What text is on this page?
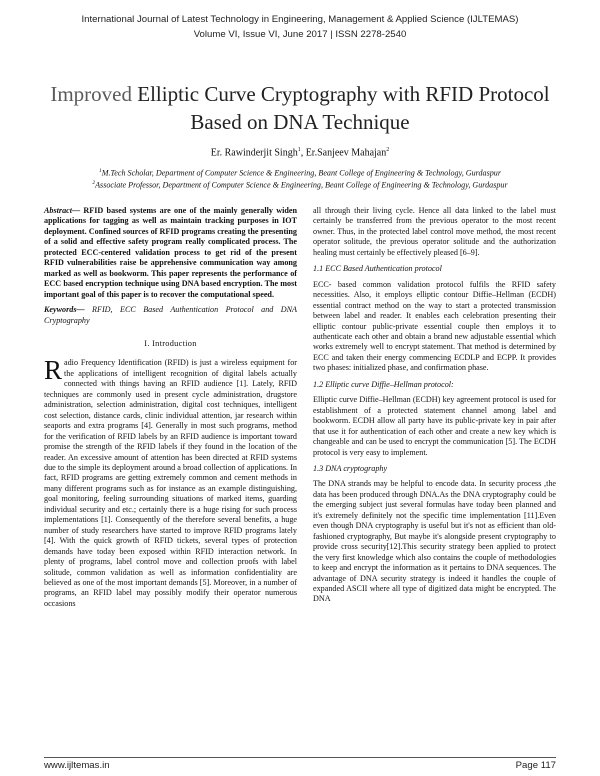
International Journal of Latest Technology in Engineering, Management & Applied Science (IJLTEMAS)
Volume VI, Issue VI, June 2017 | ISSN 2278-2540
Improved Elliptic Curve Cryptography with RFID Protocol Based on DNA Technique
Er. Rawinderjit Singh$^1$, Er.Sanjeev Mahajan$^2$
$^1$M.Tech Scholar, Department of Computer Science & Engineering, Beant College of Engineering & Technology, Gurdaspur
$^2$Associate Professor, Department of Computer Science & Engineering, Beant College of Engineering & Technology, Gurdaspur

Abstract— RFID based systems are one of the mainly generally widen applications for tagging as well as maintain tracking purposes in IOT deployment. Confined sources of RFID programs creating the presenting of a solid and effective safety program really complicated process. The protected ECC-centered validation process to get rid of the present RFID vulnerabilities raise be apprehensive communication way among marked as well as bookworm. This paper represents the performance of ECC based encryption technique using DNA based encryption. The most important goal of this paper is to recover the computational speed.

Keywords— RFID, ECC Based Authentication Protocol and DNA Cryptography

I. Introduction

Radio Frequency Identification (RFID) is just a wireless equipment for the applications of intelligent recognition of digital labels actually connected with things having an RFID audience [1]. Lately, RFID techniques are commonly used in present cycle administration, drugstore administration, selection administration, digital cost techniques, intelligent cost selection, distance cards, clinic individual attention, jar research within seaports and extra programs [4]. Generally in most such programs, method for the verification of RFID labels by an RFID audience is important toward promise the strength of the RFID labels if they found in the location of the reader. An excessive amount of attention has been directed at RFID systems due to the simple its deployment around a broad collection of applications. In fact, RFID programs are getting extremely common and cement methods in many different programs such as for instance as an example distinguishing, goal monitoring, feeling surrounding situations of marked items, guarding individual security and etc.; certainly there is a huge rising for such process implementations [1]. Consequently of the therefore several benefits, a huge number of study researchers have started to improve RFID programs lately [4]. With the quick growth of RFID tickets, several types of protection demands have today been exposed within RFID interaction network. In plenty of programs, label control move and collection proofs with label solitude, common validation as well as information confidentiality are believed as one of the most important demands [5]. Moreover, in a number of programs, an RFID label may possibly modify their operator numerous occasions

all through their living cycle. Hence all data linked to the label must certainly be transferred from the previous operator to the most recent owner. Thus, in the protected label control move method, the most recent operator solitude, the previous operator solitude and the authorization healing must certainly be effectively pleased [6–9].

1.1 ECC Based Authentication protocol

ECC- based common validation protocol fulfils the RFID safety necessities. Also, it employs elliptic contour Diffie–Hellman (ECDH) essential contract method on the way to start a protected transmission between label and reader. It enables each celebration presenting their elliptic contour public-private essential couple then employs it to authenticate each other and obtain a brand new adjustable essential which works extremely well to encrypt statement. That method is determined by ECC and taken their energy commencing ECDLP and ECPP. It provides two phases: initialized phase, and confirmation phase.

1.2 Elliptic curve Diffie–Hellman protocol:

Elliptic curve Diffie–Hellman (ECDH) key agreement protocol is used for establishment of a protected statement channel among label and bookworm. ECDH allow all party have its public-private key in pair after that use it for authentication of each other and create a new key which is changeable and can be used to encrypt the communication [5]. The ECDH protocol is very easy to implement.

1.3 DNA cryptography

The DNA strands may be helpful to encode data. In security process ,the data has been produced through DNA.As the DNA cryptography could be the emerging subject just several formulas have today been planned and it's extremely definitely not the specific time implementation [11].Even even though DNA cryptography is useful but it's not as efficient than old-fashioned cryptography, But maybe it's alongside present cryptography to provide cross security[12].This security strategy been applied to protect the very first knowledge which also contains the couple of methodologies to keep and encrypt the information as it pertains to DNA sequences. The advantage of DNA security strategy is indeed it handles the couple of expanded ASCII where all type of digitized data might be encrypted. The DNA

www.ijltemas.in	Page 117
